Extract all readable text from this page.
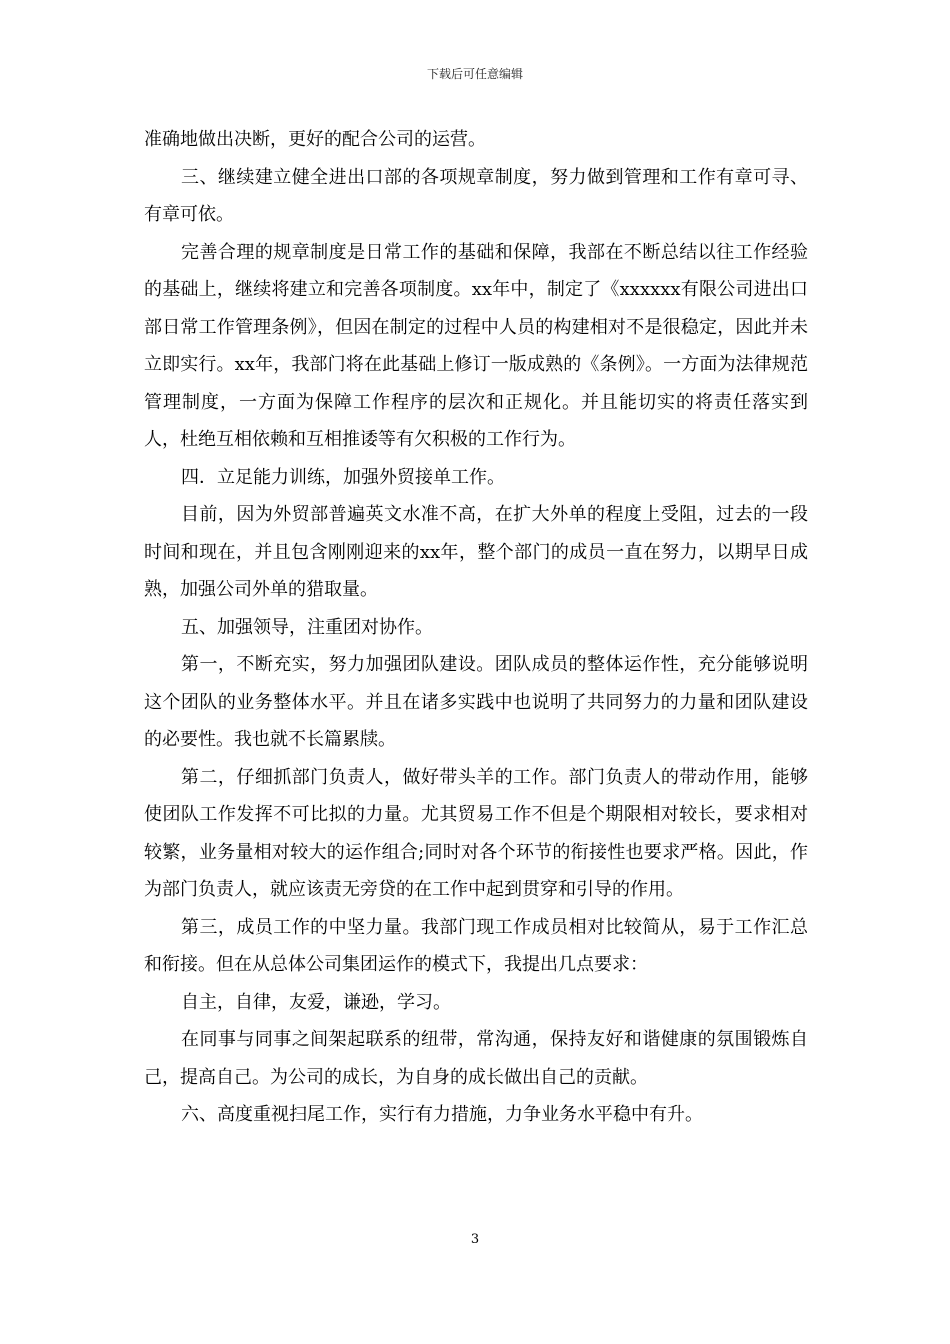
下载后可任意编辑

准确地做出决断，更好的配合公司的运营。

三、继续建立健全进出口部的各项规章制度，努力做到管理和工作有章可寻、有章可依。

完善合理的规章制度是日常工作的基础和保障，我部在不断总结以往工作经验的基础上，继续将建立和完善各项制度。xx年中，制定了《xxxxxx有限公司进出口部日常工作管理条例》，但因在制定的过程中人员的构建相对不是很稳定，因此并未立即实行。xx年，我部门将在此基础上修订一版成熟的《条例》。一方面为法律规范管理制度，一方面为保障工作程序的层次和正规化。并且能切实的将责任落实到人，杜绝互相依赖和互相推诿等有欠积极的工作行为。

四．立足能力训练，加强外贸接单工作。

目前，因为外贸部普遍英文水准不高，在扩大外单的程度上受阻，过去的一段时间和现在，并且包含刚刚迎来的xx年，整个部门的成员一直在努力，以期早日成熟，加强公司外单的猎取量。

五、加强领导，注重团对协作。

第一，不断充实，努力加强团队建设。团队成员的整体运作性，充分能够说明这个团队的业务整体水平。并且在诸多实践中也说明了共同努力的力量和团队建设的必要性。我也就不长篇累牍。

第二，仔细抓部门负责人，做好带头羊的工作。部门负责人的带动作用，能够使团队工作发挥不可比拟的力量。尤其贸易工作不但是个期限相对较长，要求相对较繁，业务量相对较大的运作组合;同时对各个环节的衔接性也要求严格。因此，作为部门负责人，就应该责无旁贷的在工作中起到贯穿和引导的作用。

第三，成员工作的中坚力量。我部门现工作成员相对比较简从，易于工作汇总和衔接。但在从总体公司集团运作的模式下，我提出几点要求：

自主，自律，友爱，谦逊，学习。

在同事与同事之间架起联系的纽带，常沟通，保持友好和谐健康的氛围锻炼自己，提高自己。为公司的成长，为自身的成长做出自己的贡献。

六、高度重视扫尾工作，实行有力措施，力争业务水平稳中有升。

3
